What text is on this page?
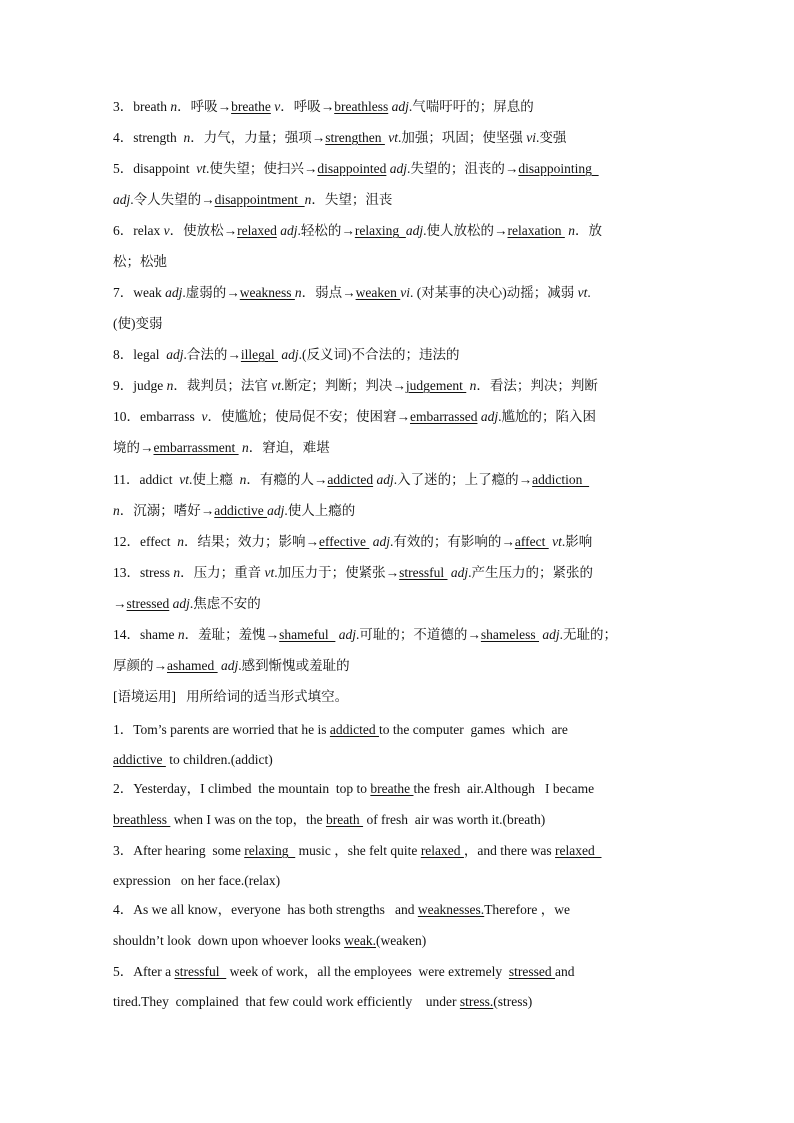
3．breath n．呼吸→breathe v．呼吸→breathless adj.气喘吁吁的；屏息的
4．strength  n．力气，力量；强项→strengthen  vt.加强；巩固；使坚强 vi.变强
5．disappoint  vt.使失望；使扫兴→disappointed adj.失望的；沮丧的→disappointing
adj.令人失望的→disappointment  n．失望；沮丧
6．relax v．使放松→relaxed adj.轻松的→relaxing  adj.使人放松的→relaxation  n．放
松；松弛
7．weak adj.虚弱的→weakness n．弱点→weaken vi. (对某事的决心)动摇；减弱 vt.
(使)变弱
8．legal  adj.合法的→illegal  adj.(反义词)不合法的；违法的
9．judge n．裁判员；法官 vt.断定；判断；判决→judgement  n．看法；判决；判断
10．embarrass  v．使尴尬；使局促不安；使困窘→embarrassed adj.尴尬的；陷入困
境的→embarrassment  n．窘迫，难堪
11．addict  vt.使上瘾  n．有瘾的人→addicted adj.入了迷的；上了瘾的→addiction
n．沉溺；嗜好→addictive adj.使人上瘾的
12．effect  n．结果；效力；影响→effective  adj.有效的；有影响的→affect  vt.影响
13．stress n．压力；重音 vt.加压力于；使紧张→stressful  adj.产生压力的；紧张的
→stressed adj.焦虑不安的
14．shame n．羞耻；羞愧→shameful   adj.可耻的；不道德的→shameless  adj.无耻的；
厚颜的→ashamed  adj.感到惭愧或羞耻的
[语境运用]   用所给词的适当形式填空。
1．Tom’s parents are worried that he is addicted to the computer  games  which  are
addictive  to children.(addict)
2．Yesterday，I climbed  the mountain  top to breathe the fresh  air.Although   I became
breathless  when I was on the top，the breath  of fresh  air was worth it.(breath)
3．After hearing  some relaxing   music ，she felt quite relaxed ，and there was relaxed
expression   on her face.(relax)
4．As we all know，everyone  has both strengths   and weaknesses.Therefore ，we
shouldn’t look  down upon whoever looks weak.(weaken)
5．After a stressful   week of work，all the employees  were extremely  stressed and
tired.They  complained  that few could work efficiently    under stress.(stress)
